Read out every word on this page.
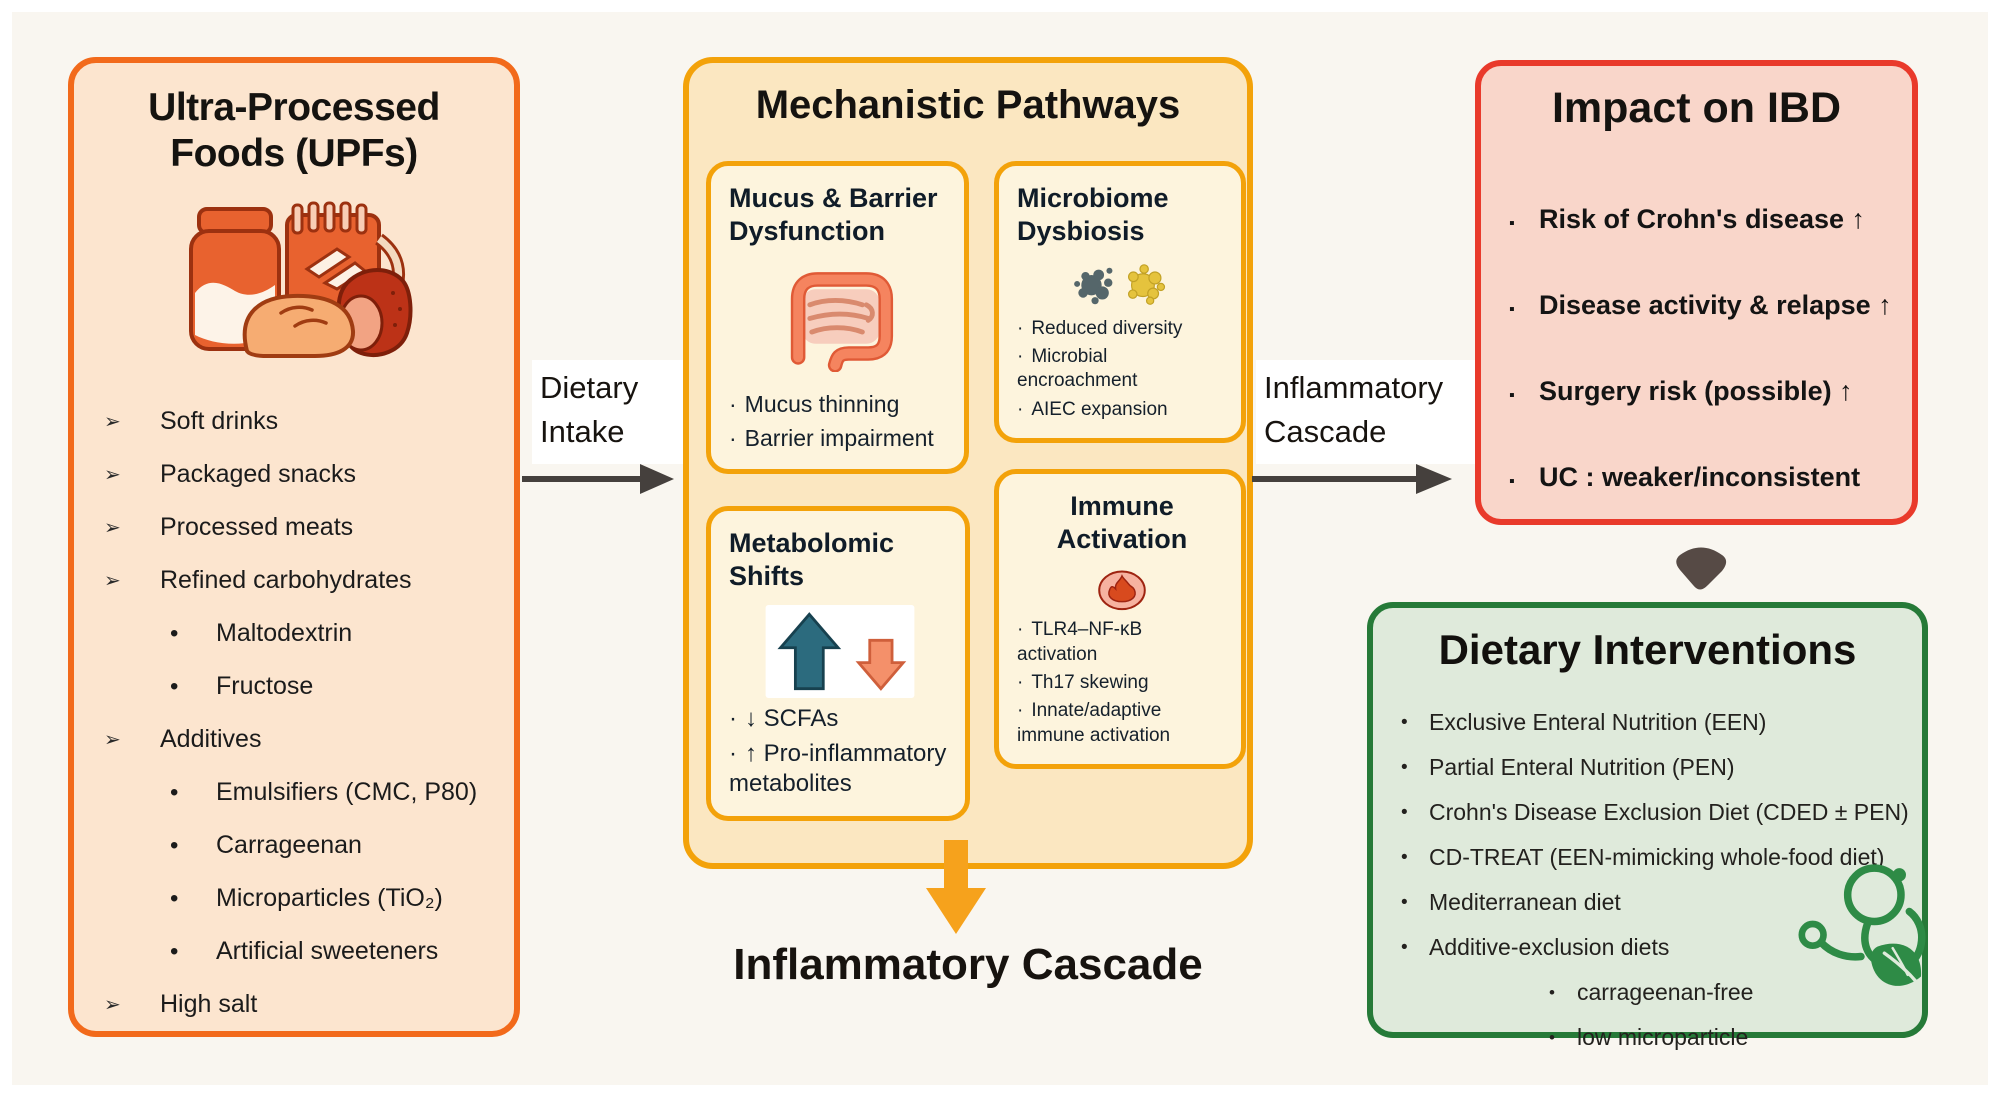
Ultra-Processed Foods (UPFs)
➢	Soft drinks
➢	Packaged snacks
➢	Processed meats
➢	Refined carbohydrates
•	Maltodextrin
•	Fructose
➢	Additives
•	Emulsifiers (CMC, P80)
•	Carrageenan
•	Microparticles (TiO₂)
•	Artificial sweeteners
➢	High salt
Dietary
Intake
Mechanistic Pathways
Mucus & Barrier Dysfunction
· Mucus thinning
· Barrier impairment
Microbiome Dysbiosis
· Reduced diversity
· Microbial encroachment
· AIEC expansion
Metabolomic Shifts
· ↓ SCFAs
· ↑ Pro-inflammatory metabolites
Immune Activation
· TLR4–NF-κB activation
· Th17 skewing
· Innate/adaptive immune activation
Inflammatory Cascade
Inflammatory
Cascade
Impact on IBD
▪ Risk of Crohn's disease ↑
▪ Disease activity & relapse ↑
▪ Surgery risk (possible) ↑
▪ UC : weaker/inconsistent
Dietary Interventions
• Exclusive Enteral Nutrition (EEN)
• Partial Enteral Nutrition (PEN)
• Crohn's Disease Exclusion Diet (CDED ± PEN)
• CD-TREAT (EEN-mimicking whole-food diet)
• Mediterranean diet
• Additive-exclusion diets
• carrageenan-free
• low microparticle
